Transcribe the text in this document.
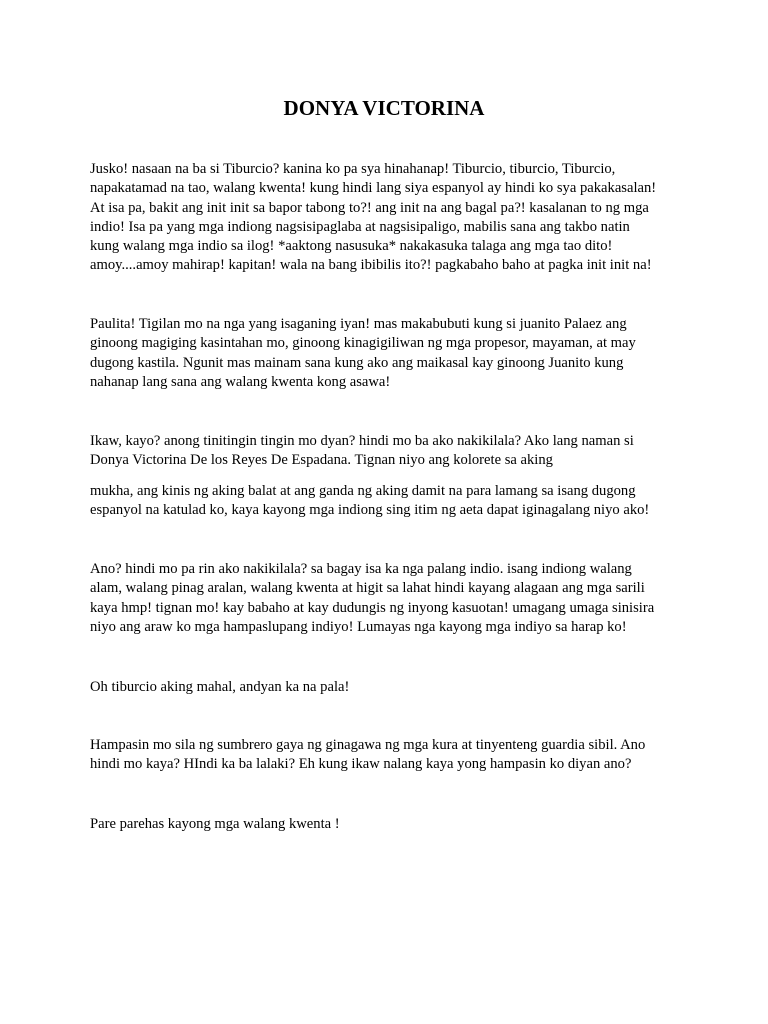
DONYA VICTORINA

Jusko! nasaan na ba si Tiburcio? kanina ko pa sya hinahanap! Tiburcio, tiburcio, Tiburcio,
napakatamad na tao, walang kwenta! kung hindi lang siya espanyol ay hindi ko sya pakakasalan!
At isa pa, bakit ang init init sa bapor tabong to?! ang init na ang bagal pa?! kasalanan to ng mga
indio! Isa pa yang mga indiong nagsisipaglaba at nagsisipaligo, mabilis sana ang takbo natin
kung walang mga indio sa ilog! *aaktong nasusuka* nakakasuka talaga ang mga tao dito!
amoy....amoy mahirap! kapitan! wala na bang ibibilis ito?! pagkabaho baho at pagka init init na!

Paulita! Tigilan mo na nga yang isaganing iyan! mas makabubuti kung si juanito Palaez ang
ginoong magiging kasintahan mo, ginoong kinagigiliwan ng mga propesor, mayaman, at may
dugong kastila. Ngunit mas mainam sana kung ako ang maikasal kay ginoong Juanito kung
nahanap lang sana ang walang kwenta kong asawa!

Ikaw, kayo? anong tinitingin tingin mo dyan? hindi mo ba ako nakikilala? Ako lang naman si
Donya Victorina De los Reyes De Espadana. Tignan niyo ang kolorete sa aking

mukha, ang kinis ng aking balat at ang ganda ng aking damit na para lamang sa isang dugong
espanyol na katulad ko, kaya kayong mga indiong sing itim ng aeta dapat iginagalang niyo ako!

Ano? hindi mo pa rin ako nakikilala? sa bagay isa ka nga palang indio. isang indiong walang
alam, walang pinag aralan, walang kwenta at higit sa lahat hindi kayang alagaan ang mga sarili
kaya hmp! tignan mo! kay babaho at kay dudungis ng inyong kasuotan! umagang umaga sinisira
niyo ang araw ko mga hampaslupang indiyo! Lumayas nga kayong mga indiyo sa harap ko!

Oh tiburcio aking mahal, andyan ka na pala!

Hampasin mo sila ng sumbrero gaya ng ginagawa ng mga kura at tinyenteng guardia sibil. Ano
hindi mo kaya? HIndi ka ba lalaki? Eh kung ikaw nalang kaya yong hampasin ko diyan ano?

Pare parehas kayong mga walang kwenta !
